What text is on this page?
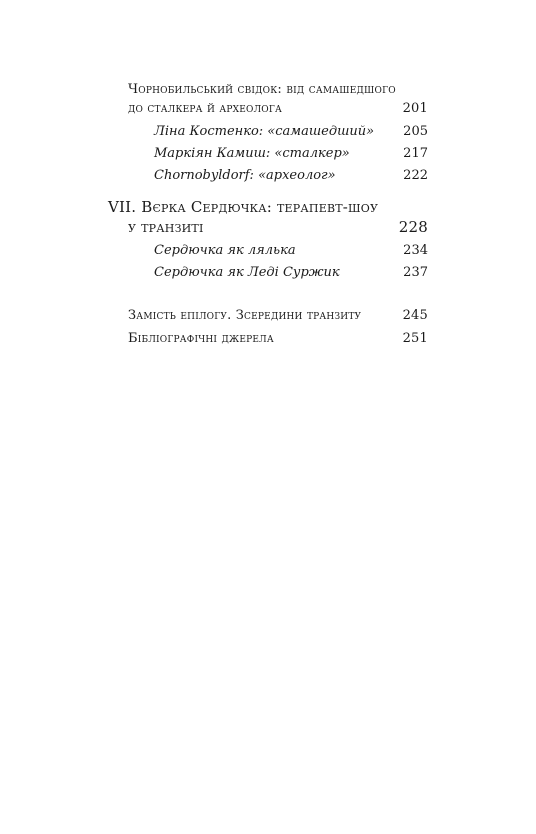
Чорнобильський свідок: від самашедшого
до сталкера й археолога	201
Ліна Костенко: «самашедший» 205
Маркіян Камиш: «сталкер»	217
Chornobyldorf: «археолог»	222
VII. Вєрка Сердючка: терапевт-шоу
у транзиті	228
Сердючка як лялька	234
Сердючка як Леді Суржик	237
Замість епілогу. Зсередини транзиту	245
Бібліографічні джерела	251
